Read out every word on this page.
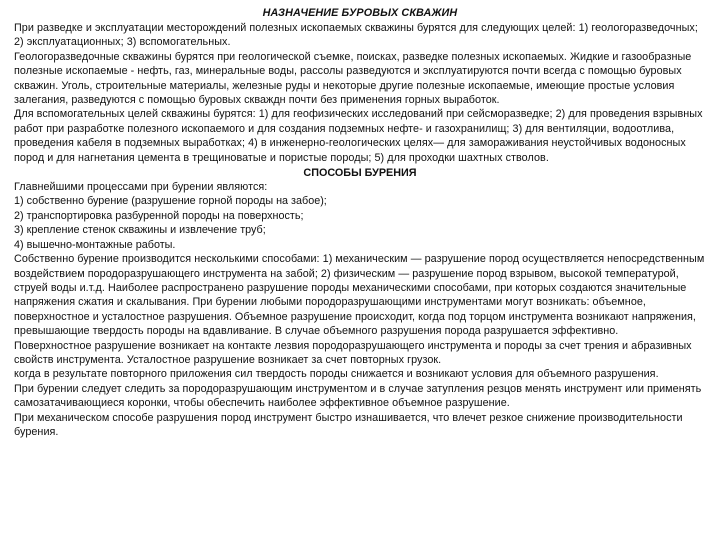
НАЗНАЧЕНИЕ БУРОВЫХ СКВАЖИН

При разведке и эксплуатации месторождений полезных ископаемых скважины бурятся для следующих целей: 1) геологоразведочных; 2) эксплуатационных; 3) вспомогательных.

Геологоразведочные скважины бурятся при геологической съемке, поисках, разведке полезных ископаемых. Жидкие и газообразные полезные ископаемые - нефть, газ, минеральные воды, рассолы разведуются и эксплуатируются почти всегда с помощью буровых скважин. Уголь, строительные материалы, железные руды и некоторые другие полезные ископаемые, имеющие простые условия залегания, разведуются с помощью буровых скваждн почти без применения горных выработок.

Для вспомогательных целей скважины бурятся: 1) для геофизических исследований при сейсморазведке; 2) для проведения взрывных работ при разработке полезного ископаемого и для создания подземных нефте- и газохранилищ; 3) для вентиляции, водоотлива, проведения кабеля в подземных выработках; 4) в инженерно-геологических целях— для замораживания неустойчивых водоносных пород и для нагнетания цемента в трещиноватые и пористые породы; 5) для проходки шахтных стволов.

СПОСОБЫ БУРЕНИЯ

Главнейшими процессами при бурении являются:

1) собственно бурение (разрушение горной породы на забое);

2) транспортировка разбуренной породы на поверхность;

3) крепление стенок скважины и извлечение труб;

4) вышечно-монтажные работы.

Собственно бурение производится несколькими способами: 1) механическим — разрушение пород осуществляется непосредственным воздействием породоразрушающего инструмента на забой; 2) физическим — разрушение пород взрывом, высокой температурой, струей воды и.т.д. Наиболее распространено разрушение породы механическими способами, при которых создаются значительные напряжения сжатия и скалывания. При бурении любыми породоразрушающими инструментами могут возникать: объемное, поверхностное и усталостное разрушения. Объемное разрушение происходит, когда под торцом инструмента возникают напряжения, превышающие твердость породы на вдавливание. В случае объемного разрушения порода разрушается эффективно.

Поверхностное разрушение возникает на контакте лезвия породоразрушающего инструмента и породы за счет трения и абразивных свойств инструмента. Усталостное разрушение возникает за счет повторных грузок.

когда в результате повторного приложения сил твердость породы снижается и возникают условия для объемного разрушения.

При бурении следует следить за породоразрушающим инструментом и в случае затупления резцов менять инструмент или применять самозатачивающиеся коронки, чтобы обеспечить наиболее эффективное объемное разрушение.

При механическом способе разрушения пород инструмент быстро изнашивается, что влечет резкое снижение производительности бурения.
